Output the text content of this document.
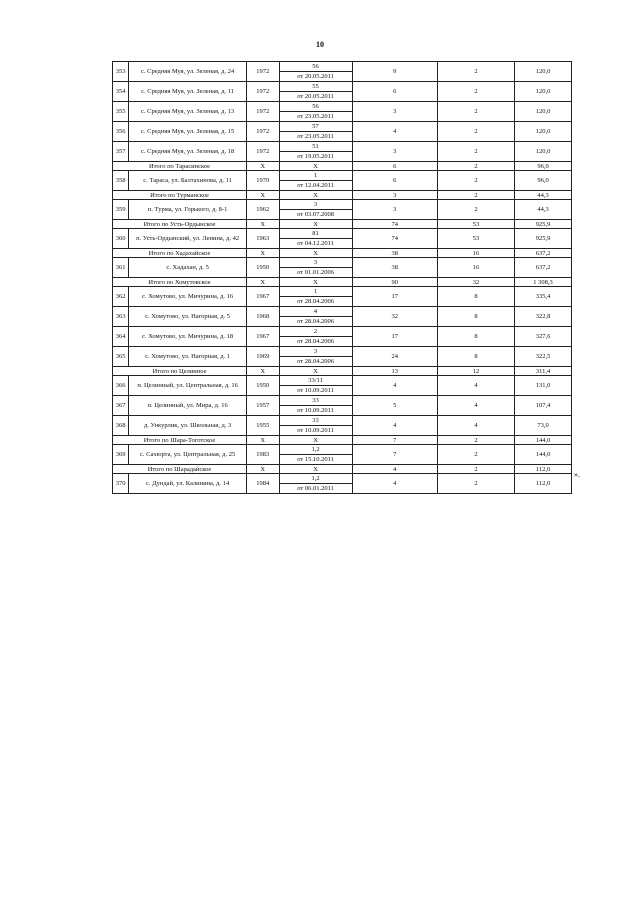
10
353	с. Средняя Муя, ул. Зеленая, д. 24	1972	56	9	2	120,0
			от 20.05.2011			
354	с. Средняя Муя, ул. Зеленая, д. 11	1972	55	6	2	120,0
			от 20.05.2011			
355	с. Средняя Муя, ул. Зеленая, д. 13	1972	56	3	2	120,0
			от 23.05.2011			
356	с. Средняя Муя, ул. Зеленая, д. 15	1972	57	4	2	120,0
			от 23.05.2011			
357	с. Средняя Муя, ул. Зеленая, д. 18	1972	51	3	2	120,0
			от 19.05.2011			
Итого по Тарасинское		Х	Х	6	2	96,0
358	с. Тараса, ул. Балтахинова, д. 11	1970	1	6	2	96,0
			от 12.04.2011			
Итого по Турманское		Х	Х	3	2	44,3
359	п. Турма, ул. Горького, д. 8-1	1962	3	3	2	44,3
			от 03.07.2008			
Итого по Усть-Ордынское		Х	Х	74	53	925,9
360	п. Усть-Ордынский, ул. Ленина, д. 42	1963	81	74	53	925,9
			от 04.12.2011			
Итого по Хадахайское		Х	Х	38	16	637,2
361	с. Хадахан, д. 5	1950	3	38	16	637,2
			от 01.01.2006			
Итого по Хомутовское		Х	Х	90	32	1 308,3
362	с. Хомутово, ул. Мичурина, д. 16	1967	1	17	8	335,4
			от 28.04.2006			
363	с. Хомутово, ул. Нагорная, д. 5	1968	4	32	8	322,8
			от 28.04.2006			
364	с. Хомутово, ул. Мичурина, д. 18	1967	2	17	8	327,6
			от 28.04.2006			
365	с. Хомутово, ул. Нагорная, д. 1	1969	3	24	8	322,5
			от 28.04.2006			
Итого по Целинное		Х	Х	13	12	311,4
366	п. Целинный, ул. Центральная, д. 16	1950	33/11	4	4	131,0
			от 10.09.2011			
367	п. Целинный, ул. Мира, д. 16	1957	33	5	4	107,4
			от 10.09.2011			
368	д. Ункурлик, ул. Школьная, д. 3	1955	33	4	4	73,0
			от 10.09.2011			
Итого по Шара-Тоготское		Х	Х	7	2	144,0
369	с. Сахюрта, ул. Центральная, д. 25	1983	1,2	7	2	144,0
			от 15.10.2011			
Итого по Шарадайское		Х	Х	4	2	112,0
370	с. Дундай, ул. Калинина, д. 14	1984	1,2	4	2	112,0
			от 06.01.2011			
».
